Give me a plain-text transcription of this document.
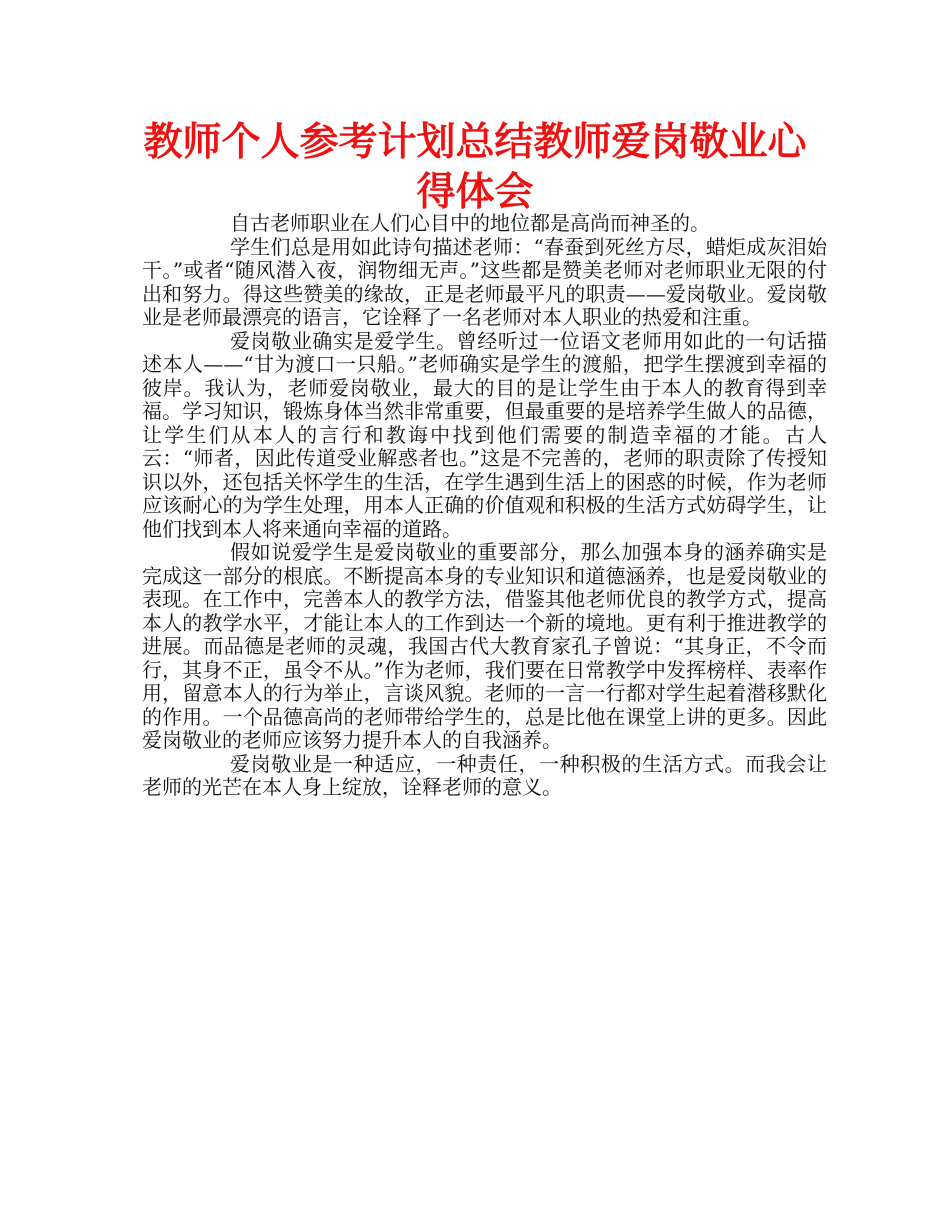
教师个人参考计划总结教师爱岗敬业心得体会

自古老师职业在人们心目中的地位都是高尚而神圣的。

学生们总是用如此诗句描述老师：“春蚕到死丝方尽，蜡炬成灰泪始干。”或者“随风潜入夜，润物细无声。”这些都是赞美老师对老师职业无限的付出和努力。得这些赞美的缘故，正是老师最平凡的职责——爱岗敬业。爱岗敬业是老师最漂亮的语言，它诠释了一名老师对本人职业的热爱和注重。

爱岗敬业确实是爱学生。曾经听过一位语文老师用如此的一句话描述本人——“甘为渡口一只船。”老师确实是学生的渡船，把学生摆渡到幸福的彼岸。我认为，老师爱岗敬业，最大的目的是让学生由于本人的教育得到幸福。学习知识，锻炼身体当然非常重要，但最重要的是培养学生做人的品德，让学生们从本人的言行和教诲中找到他们需要的制造幸福的才能。古人云：“师者，因此传道受业解惑者也。”这是不完善的，老师的职责除了传授知识以外，还包括关怀学生的生活，在学生遇到生活上的困惑的时候，作为老师应该耐心的为学生处理，用本人正确的价值观和积极的生活方式妨碍学生，让他们找到本人将来通向幸福的道路。

假如说爱学生是爱岗敬业的重要部分，那么加强本身的涵养确实是完成这一部分的根底。不断提高本身的专业知识和道德涵养，也是爱岗敬业的表现。在工作中，完善本人的教学方法，借鉴其他老师优良的教学方式，提高本人的教学水平，才能让本人的工作到达一个新的境地。更有利于推进教学的进展。而品德是老师的灵魂，我国古代大教育家孔子曾说：“其身正，不令而行，其身不正，虽令不从。”作为老师，我们要在日常教学中发挥榜样、表率作用，留意本人的行为举止，言谈风貌。老师的一言一行都对学生起着潜移默化的作用。一个品德高尚的老师带给学生的，总是比他在课堂上讲的更多。因此爱岗敬业的老师应该努力提升本人的自我涵养。

爱岗敬业是一种适应，一种责任，一种积极的生活方式。而我会让老师的光芒在本人身上绽放，诠释老师的意义。
